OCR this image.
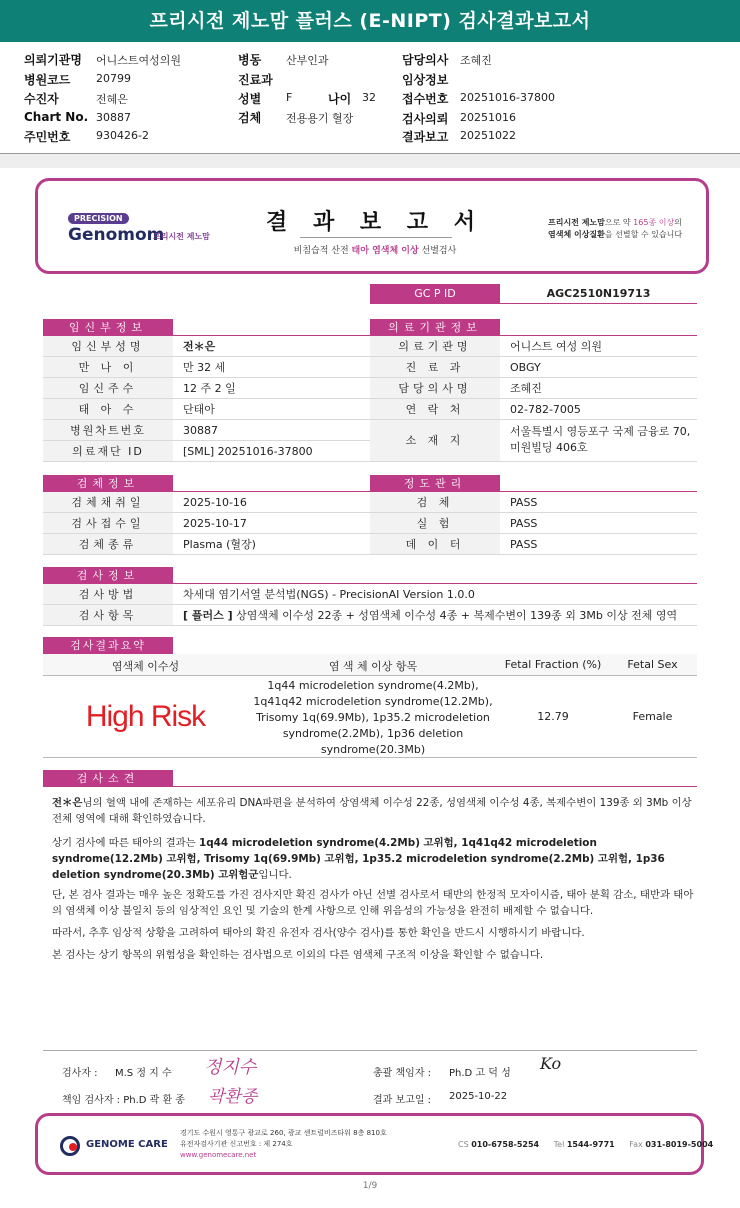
프리시전 제노맘 플러스 (E-NIPT) 검사결과보고서
의뢰기관명 어니스트여성의원
병원코드 20799
수진자	전혜은
Chart No. 30887
주민번호 930426-2
병동 산부인과
진료과
성별 F	나이 32
검체 전용용기 혈장
담당의사 조혜진
임상정보
접수번호 20251016-37800
검사의뢰 20251016
결과보고 20251022
PRECISION
Genomom
프리시전 제노맘
결 과 보 고 서
비침습적 산전 태아 염색체 이상 선별검사
프리시전 제노맘으로 약 165종 이상의
염색체 이상질환을 선별할 수 있습니다
GC P ID	AGC2510N19713
임신부정보
임신부성명	전＊은
만 나 이	만 32 세
임신주수	12 주 2 일
태 아 수	단태아
병원차트번호	30887
의료재단 ID	[SML] 20251016-37800
의료기관정보
의료기관명	어니스트 여성 의원
진 료 과	OBGY
담당의사명	조혜진
연 락 처	02-782-7005
소 재 지
서울특별시 영등포구 국제 금융로 70,
미원빌딩 406호
검체정보
검체채취일	2025-10-16
검사접수일	2025-10-17
검체종류	Plasma (혈장)
정도관리
검 체	PASS
실 험	PASS
데 이 터	PASS
검사정보
검사방법	차세대 염기서열 분석법(NGS) - PrecisionAI Version 1.0.0
검사항목	[ 플러스 ] 상염색체 이수성 22종 + 성염색체 이수성 4종 + 복제수변이 139종 외 3Mb 이상 전체 영역
검사결과요약
염색체 이수성	염 색 체 이상 항목	Fetal Fraction (%)	Fetal Sex
High Risk
1q44 microdeletion syndrome(4.2Mb),
1q41q42 microdeletion syndrome(12.2Mb),
Trisomy 1q(69.9Mb), 1p35.2 microdeletion
syndrome(2.2Mb), 1p36 deletion
syndrome(20.3Mb)
12.79	Female
검사소견
전＊은님의 혈액 내에 존재하는 세포유리 DNA파편을 분석하여 상염색체 이수성 22종, 성염색체 이수성 4종, 복제수변이 139종 외 3Mb 이상 전체 영역에 대해 확인하였습니다.
상기 검사에 따른 태아의 결과는 1q44 microdeletion syndrome(4.2Mb) 고위험, 1q41q42 microdeletion syndrome(12.2Mb) 고위험, Trisomy 1q(69.9Mb) 고위험, 1p35.2 microdeletion syndrome(2.2Mb) 고위험, 1p36 deletion syndrome(20.3Mb) 고위험군입니다.
단, 본 검사 결과는 매우 높은 정확도를 가진 검사지만 확진 검사가 아닌 선별 검사로서 태반의 한정적 모자이시즘, 태아 분획 감소, 태반과 태아의 염색체 이상 불일치 등의 임상적인 요인 및 기술의 한계 사항으로 인해 위음성의 가능성을 완전히 배제할 수 없습니다.
따라서, 추후 임상적 상황을 고려하여 태아의 확진 유전자 검사(양수 검사)를 통한 확인을 반드시 시행하시기 바랍니다.
본 검사는 상기 항목의 위험성을 확인하는 검사법으로 이외의 다른 염색체 구조적 이상을 확인할 수 없습니다.
검사자 : M.S 정 지 수 정지수	총괄 책임자 : Ph.D 고 덕 성
Ko
책임 검사자 : Ph.D 곽 환 종 곽환종	결과 보고일 : 2025-10-22
GENOME CARE
경기도 수원시 영통구 광교로 260, 광교 센트럴비즈타워 8층 810호
유전자검사기관 신고번호 : 제 274호
www.genomecare.net
CS 010-6758-5254 Tel 1544-9771 Fax 031-8019-5004
1/9
